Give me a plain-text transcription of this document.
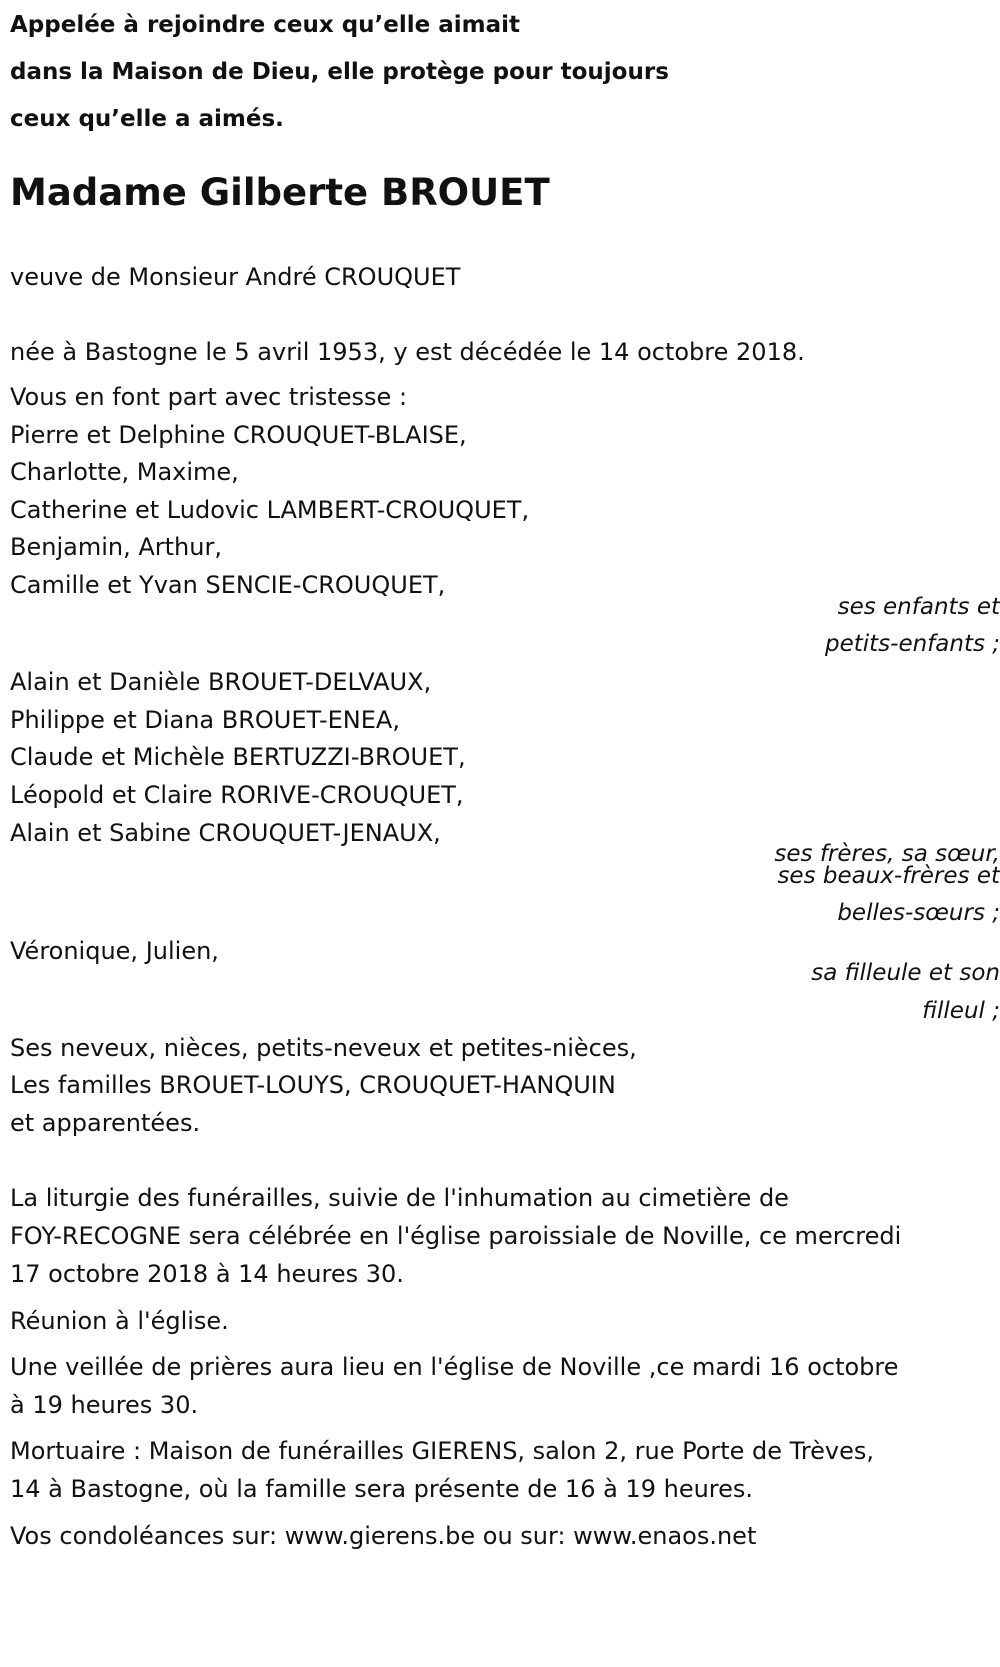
Appelée à rejoindre ceux qu’elle aimait
dans la Maison de Dieu, elle protège pour toujours
ceux qu’elle a aimés.
Madame Gilberte BROUET
veuve de Monsieur André CROUQUET
née à Bastogne le 5 avril 1953, y est décédée le 14 octobre 2018.
Vous en font part avec tristesse :
Pierre et Delphine CROUQUET-BLAISE,
Charlotte, Maxime,
Catherine et Ludovic LAMBERT-CROUQUET,
Benjamin, Arthur,
Camille et Yvan SENCIE-CROUQUET,
ses enfants et
petits-enfants ;
Alain et Danièle BROUET-DELVAUX,
Philippe et Diana BROUET-ENEA,
Claude et Michèle BERTUZZI-BROUET,
Léopold et Claire RORIVE-CROUQUET,
Alain et Sabine CROUQUET-JENAUX,
ses frères, sa sœur,
ses beaux-frères et
belles-sœurs ;
Véronique, Julien,
sa filleule et son
filleul ;
Ses neveux, nièces, petits-neveux et petites-nièces,
Les familles BROUET-LOUYS, CROUQUET-HANQUIN
et apparentées.
La liturgie des funérailles, suivie de l'inhumation au cimetière de
FOY-RECOGNE sera célébrée en l'église paroissiale de Noville, ce mercredi
17 octobre 2018 à 14 heures 30.
Réunion à l'église.
Une veillée de prières aura lieu en l'église de Noville ,ce mardi 16 octobre
à 19 heures 30.
Mortuaire : Maison de funérailles GIERENS, salon 2, rue Porte de Trèves,
14 à Bastogne, où la famille sera présente de 16 à 19 heures.
Vos condoléances sur: www.gierens.be ou sur: www.enaos.net
